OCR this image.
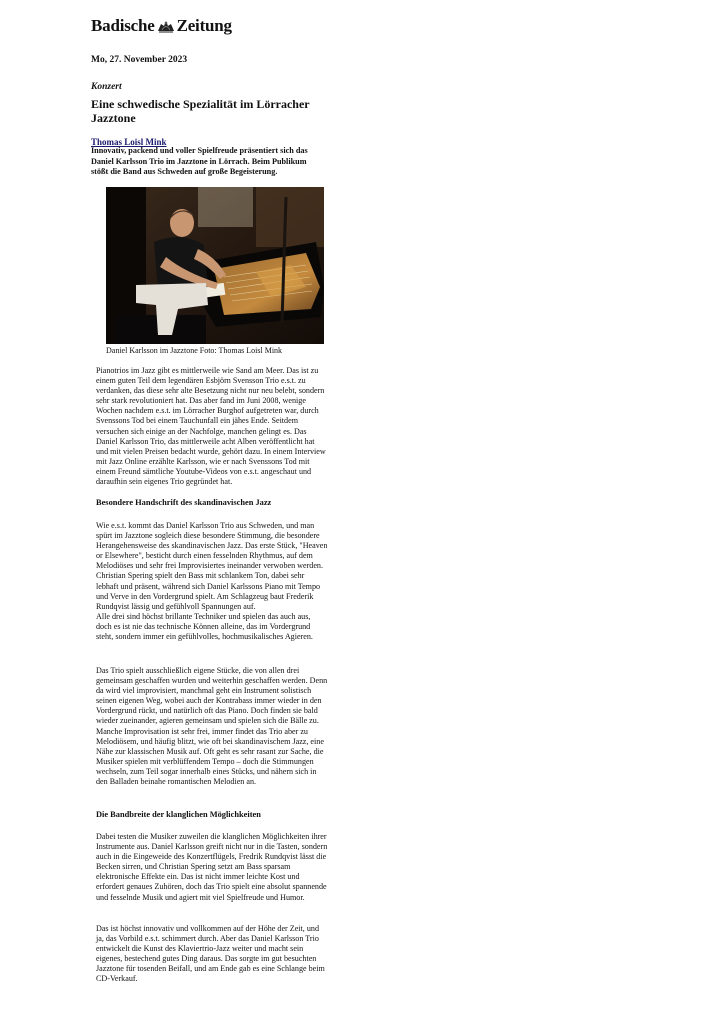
Badische Zeitung
Mo, 27. November 2023
Konzert
Eine schwedische Spezialität im Lörracher Jazztone
Thomas Loisl Mink
Innovativ, packend und voller Spielfreude präsentiert sich das Daniel Karlsson Trio im Jazztone in Lörrach. Beim Publikum stößt die Band aus Schweden auf große Begeisterung.
Daniel Karlsson im Jazztone Foto: Thomas Loisl Mink

Pianotrios im Jazz gibt es mittlerweile wie Sand am Meer. Das ist zu einem guten Teil dem legendären Esbjörn Svensson Trio e.s.t. zu verdanken, das diese sehr alte Besetzung nicht nur neu belebt, sondern sehr stark revolutioniert hat. Das aber fand im Juni 2008, wenige Wochen nachdem e.s.t. im Lörracher Burghof aufgetreten war, durch Svenssons Tod bei einem Tauchunfall ein jähes Ende. Seitdem versuchen sich einige an der Nachfolge, manchen gelingt es. Das Daniel Karlsson Trio, das mittlerweile acht Alben veröffentlicht hat und mit vielen Preisen bedacht wurde, gehört dazu. In einem Interview mit Jazz Online erzählte Karlsson, wie er nach Svenssons Tod mit einem Freund sämtliche Youtube-Videos von e.s.t. angeschaut und daraufhin sein eigenes Trio gegründet hat.

Besondere Handschrift des skandinavischen Jazz

Wie e.s.t. kommt das Daniel Karlsson Trio aus Schweden, und man spürt im Jazztone sogleich diese besondere Stimmung, die besondere Herangehensweise des skandinavischen Jazz. Das erste Stück, "Heaven or Elsewhere", besticht durch einen fesselnden Rhythmus, auf dem Melodiöses und sehr frei Improvisiertes ineinander verwoben werden. Christian Spering spielt den Bass mit schlankem Ton, dabei sehr lebhaft und präsent, während sich Daniel Karlssons Piano mit Tempo und Verve in den Vordergrund spielt. Am Schlagzeug baut Frederik Rundqvist lässig und gefühlvoll Spannungen auf.

Alle drei sind höchst brillante Techniker und spielen das auch aus, doch es ist nie das technische Können alleine, das im Vordergrund steht, sondern immer ein gefühlvolles, hochmusikalisches Agieren.

Das Trio spielt ausschließlich eigene Stücke, die von allen drei gemeinsam geschaffen wurden und weiterhin geschaffen werden. Denn da wird viel improvisiert, manchmal geht ein Instrument solistisch seinen eigenen Weg, wobei auch der Kontrabass immer wieder in den Vordergrund rückt, und natürlich oft das Piano. Doch finden sie bald wieder zueinander, agieren gemeinsam und spielen sich die Bälle zu.

Manche Improvisation ist sehr frei, immer findet das Trio aber zu Melodiösem, und häufig blitzt, wie oft bei skandinavischem Jazz, eine Nähe zur klassischen Musik auf. Oft geht es sehr rasant zur Sache, die Musiker spielen mit verblüffendem Tempo – doch die Stimmungen wechseln, zum Teil sogar innerhalb eines Stücks, und nähern sich in den Balladen beinahe romantischen Melodien an.

Die Bandbreite der klanglichen Möglichkeiten

Dabei testen die Musiker zuweilen die klanglichen Möglichkeiten ihrer Instrumente aus. Daniel Karlsson greift nicht nur in die Tasten, sondern auch in die Eingeweide des Konzertflügels, Fredrik Rundqvist lässt die Becken sirren, und Christian Spering setzt am Bass sparsam elektronische Effekte ein. Das ist nicht immer leichte Kost und erfordert genaues Zuhören, doch das Trio spielt eine absolut spannende und fesselnde Musik und agiert mit viel Spielfreude und Humor.

Das ist höchst innovativ und vollkommen auf der Höhe der Zeit, und ja, das Vorbild e.s.t. schimmert durch. Aber das Daniel Karlsson Trio entwickelt die Kunst des Klaviertrio-Jazz weiter und macht sein eigenes, bestechend gutes Ding daraus. Das sorgte im gut besuchten Jazztone für tosenden Beifall, und am Ende gab es eine Schlange beim CD-Verkauf.
